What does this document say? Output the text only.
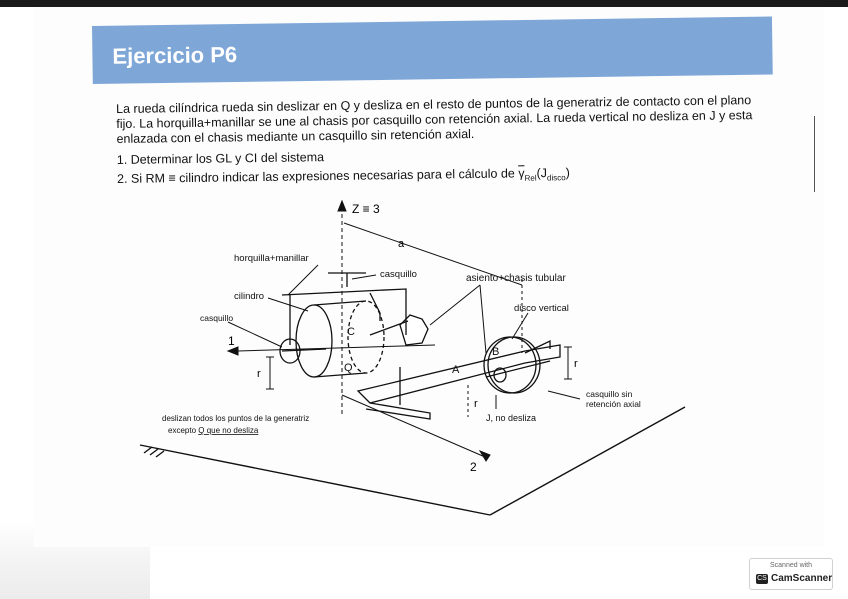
Ejercicio P6

La rueda cilíndrica rueda sin deslizar en Q y desliza en el resto de puntos de la generatriz de contacto con el plano fijo. La horquilla+manillar se une al chasis por casquillo con retención axial. La rueda vertical no desliza en J y esta enlazada con el chasis mediante un casquillo sin retención axial.

1. Determinar los GL y CI del sistema
2. Si RM ≡ cilindro indicar las expresiones necesarias para el cálculo de $\overline{\gamma}_{Rel}(J_{disco})$
Z ≡ 3
a
1
2
r
r
r
C
Q	A
B
horquilla+manillar
casquillo	asiento+chasis tubular
cilindro
casquillo
disco vertical
casquillo sin
retención axial
J, no desliza
deslizan todos los puntos de la generatriz
excepto Q que no desliza
Scanned with
CS CamScanner
